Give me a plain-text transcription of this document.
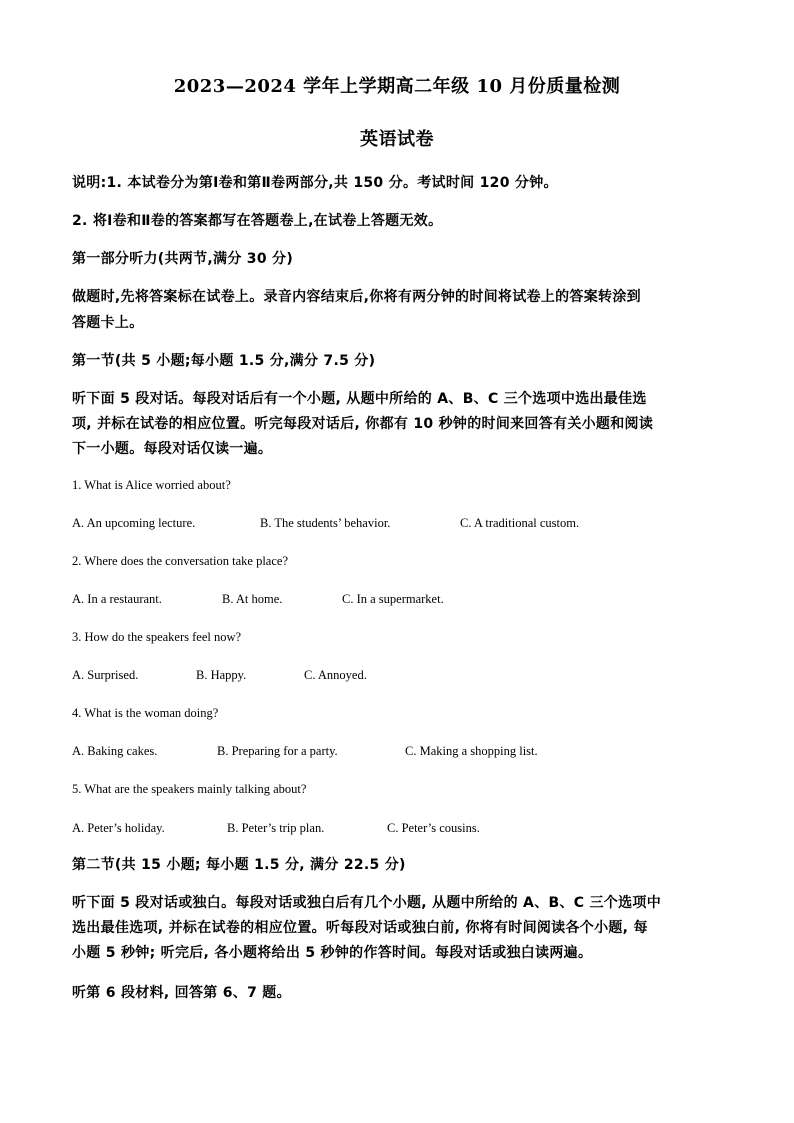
2023—2024 学年上学期高二年级 10 月份质量检测
英语试卷
说明:1. 本试卷分为第Ⅰ卷和第Ⅱ卷两部分,共 150 分。考试时间 120 分钟。
2. 将Ⅰ卷和Ⅱ卷的答案都写在答题卷上,在试卷上答题无效。
第一部分听力(共两节,满分 30 分)
做题时,先将答案标在试卷上。录音内容结束后,你将有两分钟的时间将试卷上的答案转涂到
答题卡上。
第一节(共 5 小题;每小题 1.5 分,满分 7.5 分)
听下面 5 段对话。每段对话后有一个小题, 从题中所给的 A、B、C 三个选项中选出最佳选
项, 并标在试卷的相应位置。听完每段对话后, 你都有 10 秒钟的时间来回答有关小题和阅读
下一小题。每段对话仅读一遍。
1. What is Alice worried about?
A. An upcoming lecture.	B. The students’ behavior.	C. A traditional custom.
2. Where does the conversation take place?
A. In a restaurant.	B. At home.	C. In a supermarket.
3. How do the speakers feel now?
A. Surprised.	B. Happy.	C. Annoyed.
4. What is the woman doing?
A. Baking cakes.	B. Preparing for a party.	C. Making a shopping list.
5. What are the speakers mainly talking about?
A. Peter’s holiday.	B. Peter’s trip plan.	C. Peter’s cousins.
第二节(共 15 小题; 每小题 1.5 分, 满分 22.5 分)
听下面 5 段对话或独白。每段对话或独白后有几个小题, 从题中所给的 A、B、C 三个选项中
选出最佳选项, 并标在试卷的相应位置。听每段对话或独白前, 你将有时间阅读各个小题, 每
小题 5 秒钟; 听完后, 各小题将给出 5 秒钟的作答时间。每段对话或独白读两遍。
听第 6 段材料, 回答第 6、7 题。
